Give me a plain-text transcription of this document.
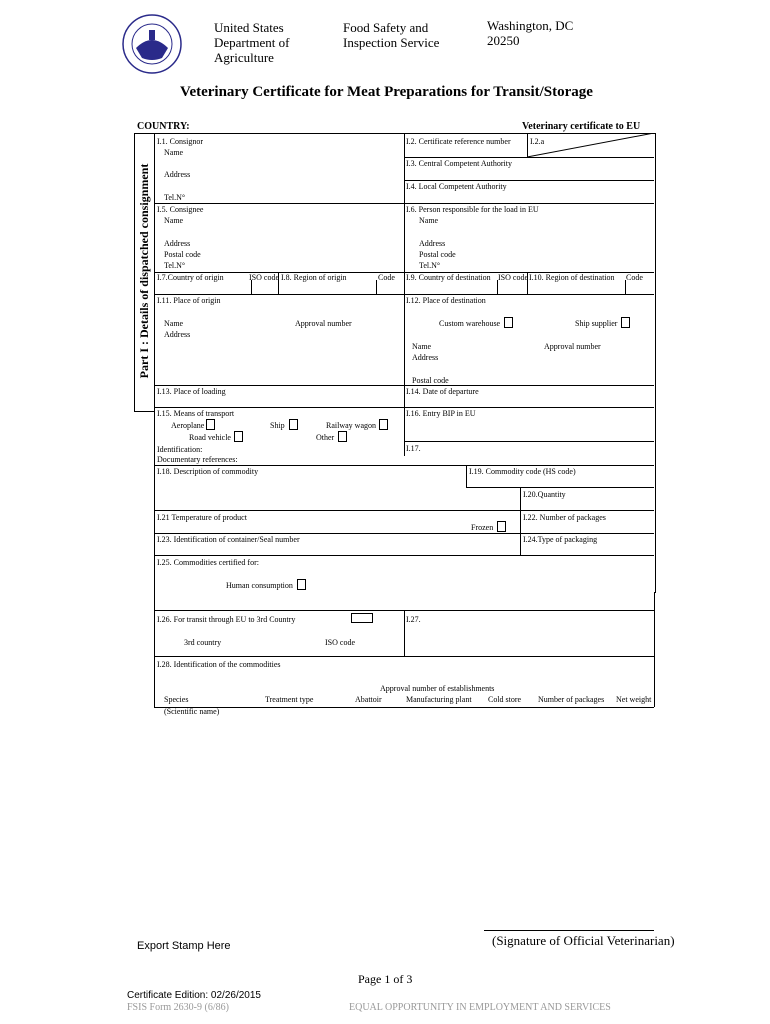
United States
Department of
Agriculture
Food Safety and
Inspection Service
Washington, DC
20250
Veterinary Certificate for Meat Preparations for Transit/Storage
COUNTRY:	Veterinary certificate to EU
Part I : Details of dispatched consignment
I.1. Consignor
Name
Address
Tel.N°
I.2. Certificate reference number I.2.a
I.3. Central Competent Authority
I.4. Local Competent Authority
I.5. Consignee
Name
Address
Postal code
Tel.N°
I.6. Person responsible for the load in EU
Name
Address
Postal code
Tel.N°
I.7.Country of origin	ISO code I.8. Region of origin	Code I.9. Country of destination ISO code I.10. Region of destination Code
I.11. Place of origin
Name	Approval number
Address
I.12. Place of destination
Custom warehouse	Ship supplier
Name	Approval number
Address
Postal code
I.13. Place of loading	I.14. Date of departure
I.15. Means of transport
Aeroplane	Ship	Railway wagon
Road vehicle	Other
Identification:
Documentary references:
I.16. Entry BIP in EU
I.17.
I.18. Description of commodity	I.19. Commodity code (HS code)
I.20.Quantity
I.21 Temperature of product
Frozen
I.22. Number of packages
I.23. Identification of container/Seal number	I.24.Type of packaging
I.25. Commodities certified for:
Human consumption
I.26. For transit through EU to 3rd Country
3rd country	ISO code
I.27.
I.28. Identification of the commodities
Approval number of establishments
Species
(Scientific name)
Treatment type	Abattoir	Manufacturing plant Cold store Number of packages Net weight
Export Stamp Here	(Signature of Official Veterinarian)
Page 1 of 3
Certificate Edition: 02/26/2015
FSIS Form 2630-9 (6/86)	EQUAL OPPORTUNITY IN EMPLOYMENT AND SERVICES
